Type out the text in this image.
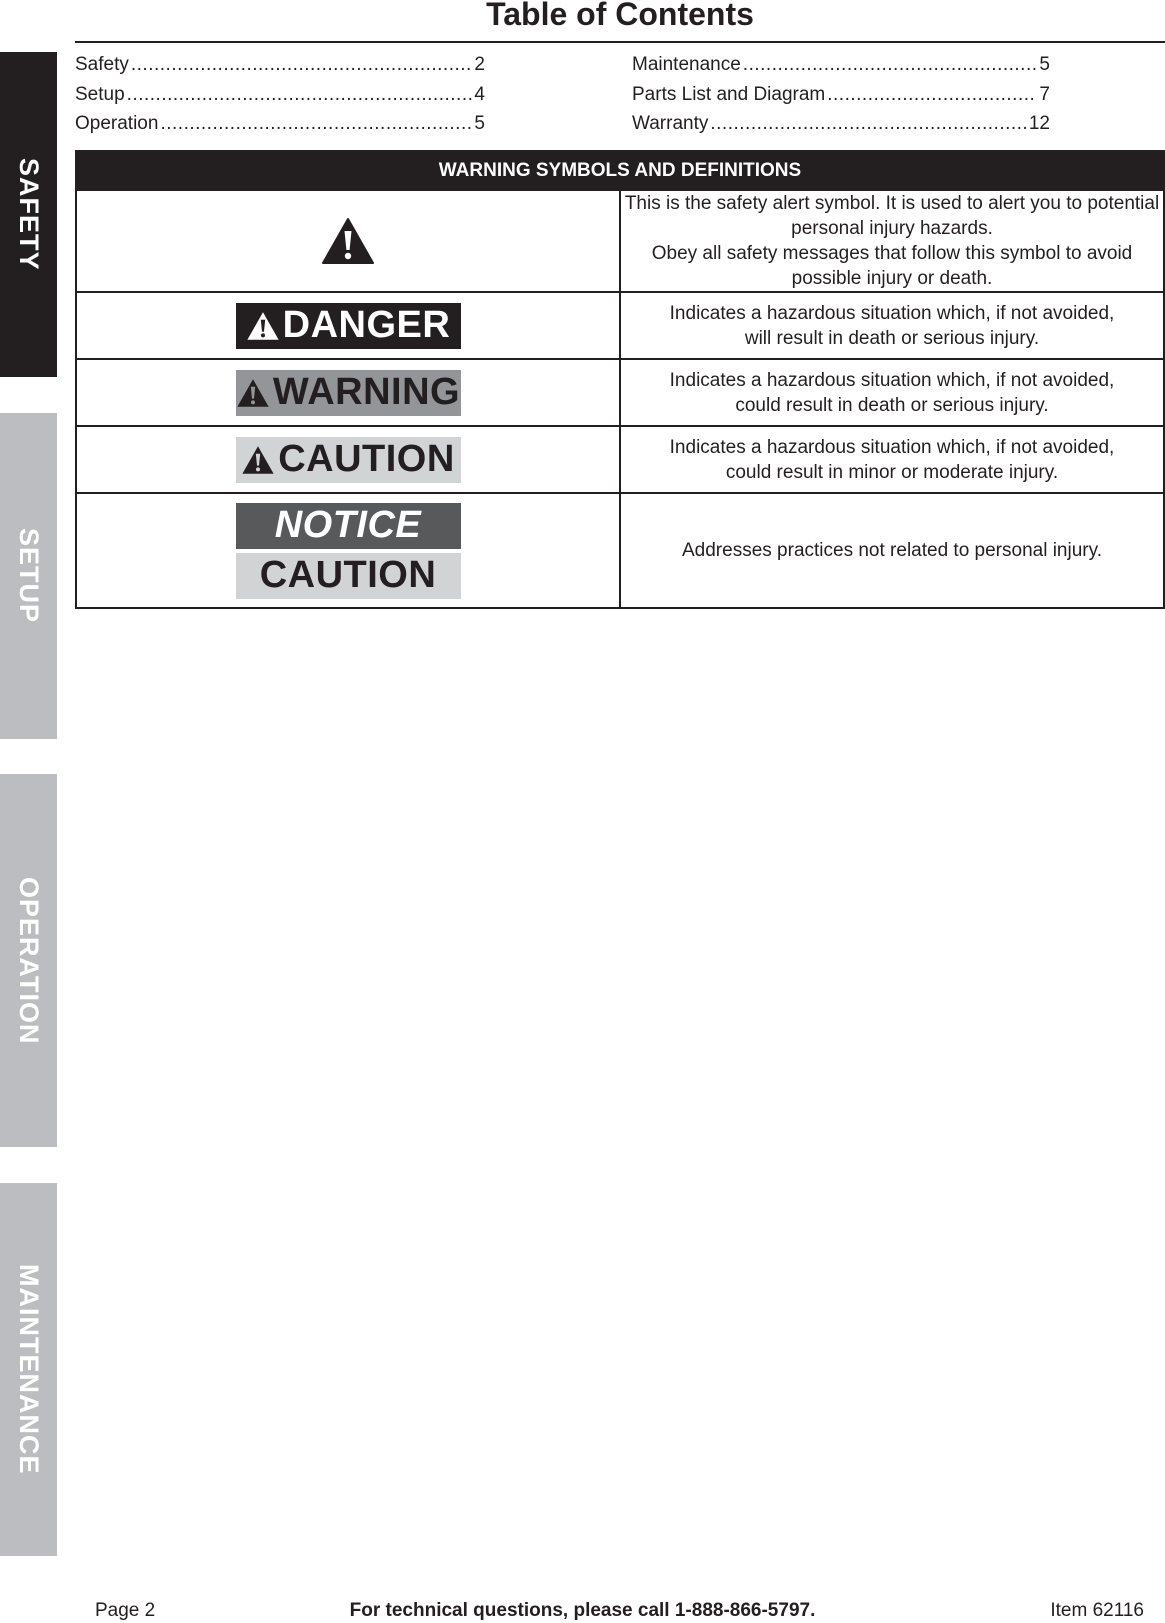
SAFETY
SETUP
OPERATION
MAINTENANCE
Table of Contents
Safety .....	2
Setup .....	4
Operation .....	5
Maintenance .....	5
Parts List and Diagram .....	7
Warranty .....	12
WARNING SYMBOLS AND DEFINITIONS	

This is the safety alert symbol. It is used to alert you to potential personal injury hazards.
Obey all safety messages that follow this symbol to avoid possible injury or death.

DANGER	Indicates a hazardous situation which, if not avoided,
will result in death or serious injury.

WARNING	Indicates a hazardous situation which, if not avoided,
could result in death or serious injury.

CAUTION	Indicates a hazardous situation which, if not avoided,
could result in minor or moderate injury.

NOTICE
CAUTION	Addresses practices not related to personal injury.

For technical questions, please call 1-888-866-5797.

Page 2	Item 62116
